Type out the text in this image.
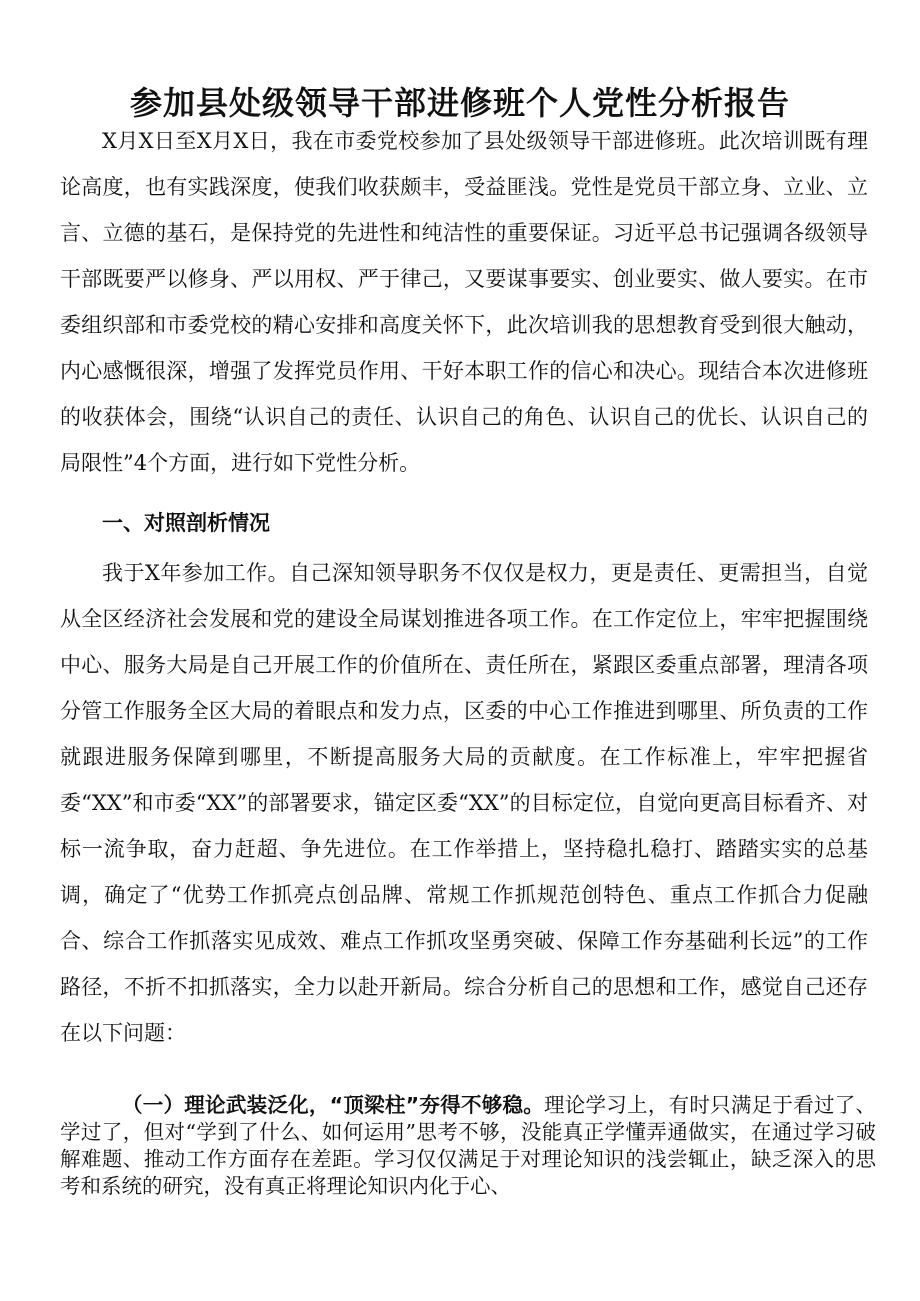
参加县处级领导干部进修班个人党性分析报告

X月X日至X月X日，我在市委党校参加了县处级领导干部进修班。此次培训既有理论高度，也有实践深度，使我们收获颇丰，受益匪浅。党性是党员干部立身、立业、立言、立德的基石，是保持党的先进性和纯洁性的重要保证。习近平总书记强调各级领导干部既要严以修身、严以用权、严于律己，又要谋事要实、创业要实、做人要实。在市委组织部和市委党校的精心安排和高度关怀下，此次培训我的思想教育受到很大触动，内心感慨很深，增强了发挥党员作用、干好本职工作的信心和决心。现结合本次进修班的收获体会，围绕“认识自己的责任、认识自己的角色、认识自己的优长、认识自己的局限性”4个方面，进行如下党性分析。

一、对照剖析情况

我于X年参加工作。自己深知领导职务不仅仅是权力，更是责任、更需担当，自觉从全区经济社会发展和党的建设全局谋划推进各项工作。在工作定位上，牢牢把握围绕中心、服务大局是自己开展工作的价值所在、责任所在，紧跟区委重点部署，理清各项分管工作服务全区大局的着眼点和发力点，区委的中心工作推进到哪里、所负责的工作就跟进服务保障到哪里，不断提高服务大局的贡献度。在工作标准上，牢牢把握省委“XX”和市委“XX”的部署要求，锚定区委“XX”的目标定位，自觉向更高目标看齐、对标一流争取，奋力赶超、争先进位。在工作举措上，坚持稳扎稳打、踏踏实实的总基调，确定了“优势工作抓亮点创品牌、常规工作抓规范创特色、重点工作抓合力促融合、综合工作抓落实见成效、难点工作抓攻坚勇突破、保障工作夯基础利长远”的工作路径，不折不扣抓落实，全力以赴开新局。综合分析自己的思想和工作，感觉自己还存在以下问题：

（一）理论武装泛化，“顶梁柱”夯得不够稳。理论学习上，有时只满足于看过了、学过了，但对“学到了什么、如何运用”思考不够，没能真正学懂弄通做实，在通过学习破解难题、推动工作方面存在差距。学习仅仅满足于对理论知识的浅尝辄止，缺乏深入的思考和系统的研究，没有真正将理论知识内化于心、
